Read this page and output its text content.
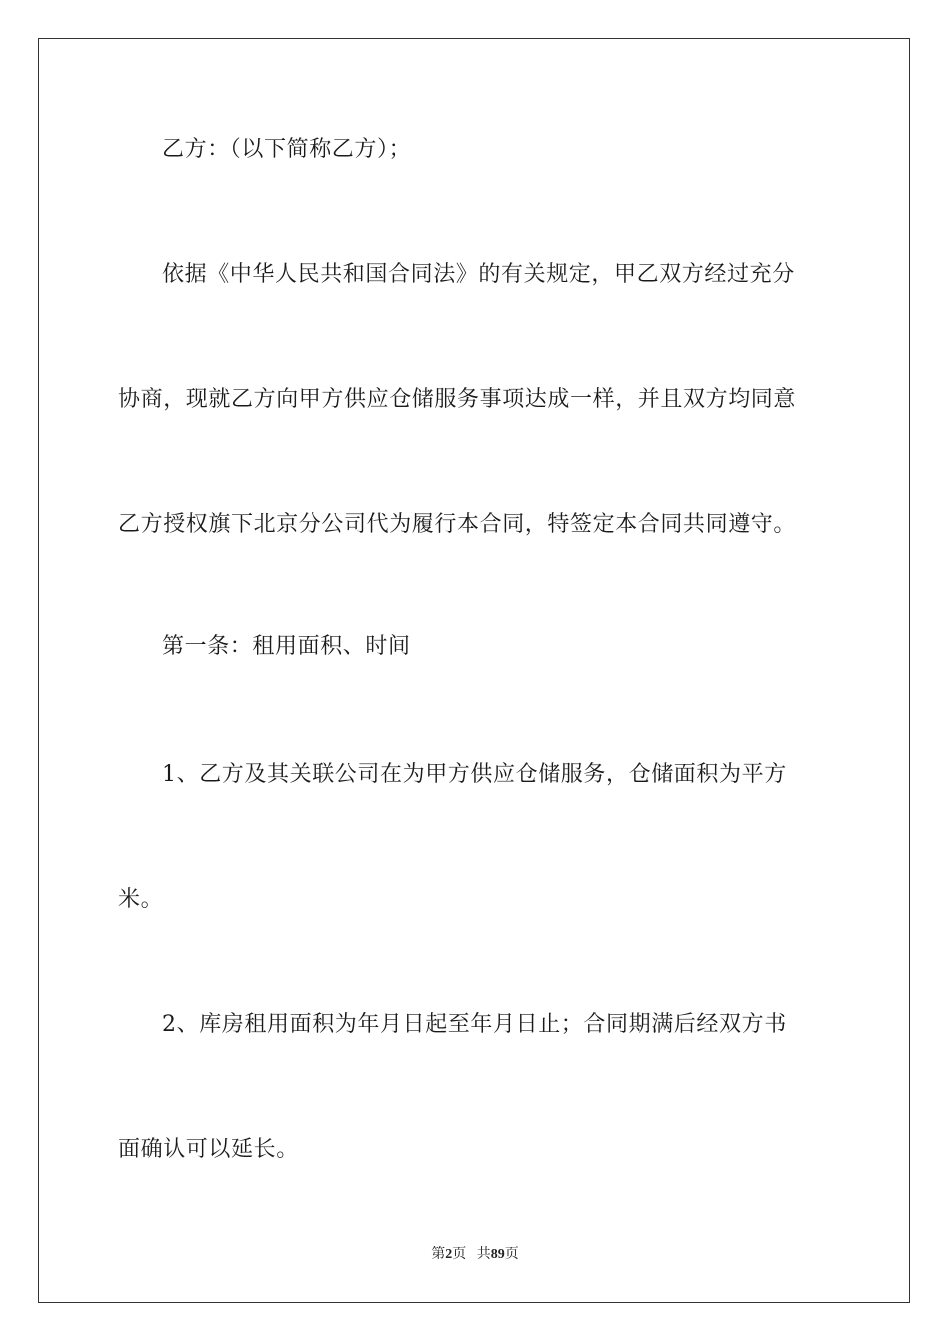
乙方：（以下简称乙方）；
依据《中华人民共和国合同法》的有关规定，甲乙双方经过充分
协商，现就乙方向甲方供应仓储服务事项达成一样，并且双方均同意
乙方授权旗下北京分公司代为履行本合同，特签定本合同共同遵守。
第一条：租用面积、时间
1、乙方及其关联公司在为甲方供应仓储服务，仓储面积为平方
米。
2、库房租用面积为年月日起至年月日止；合同期满后经双方书
面确认可以延长。
第2页 共89页
